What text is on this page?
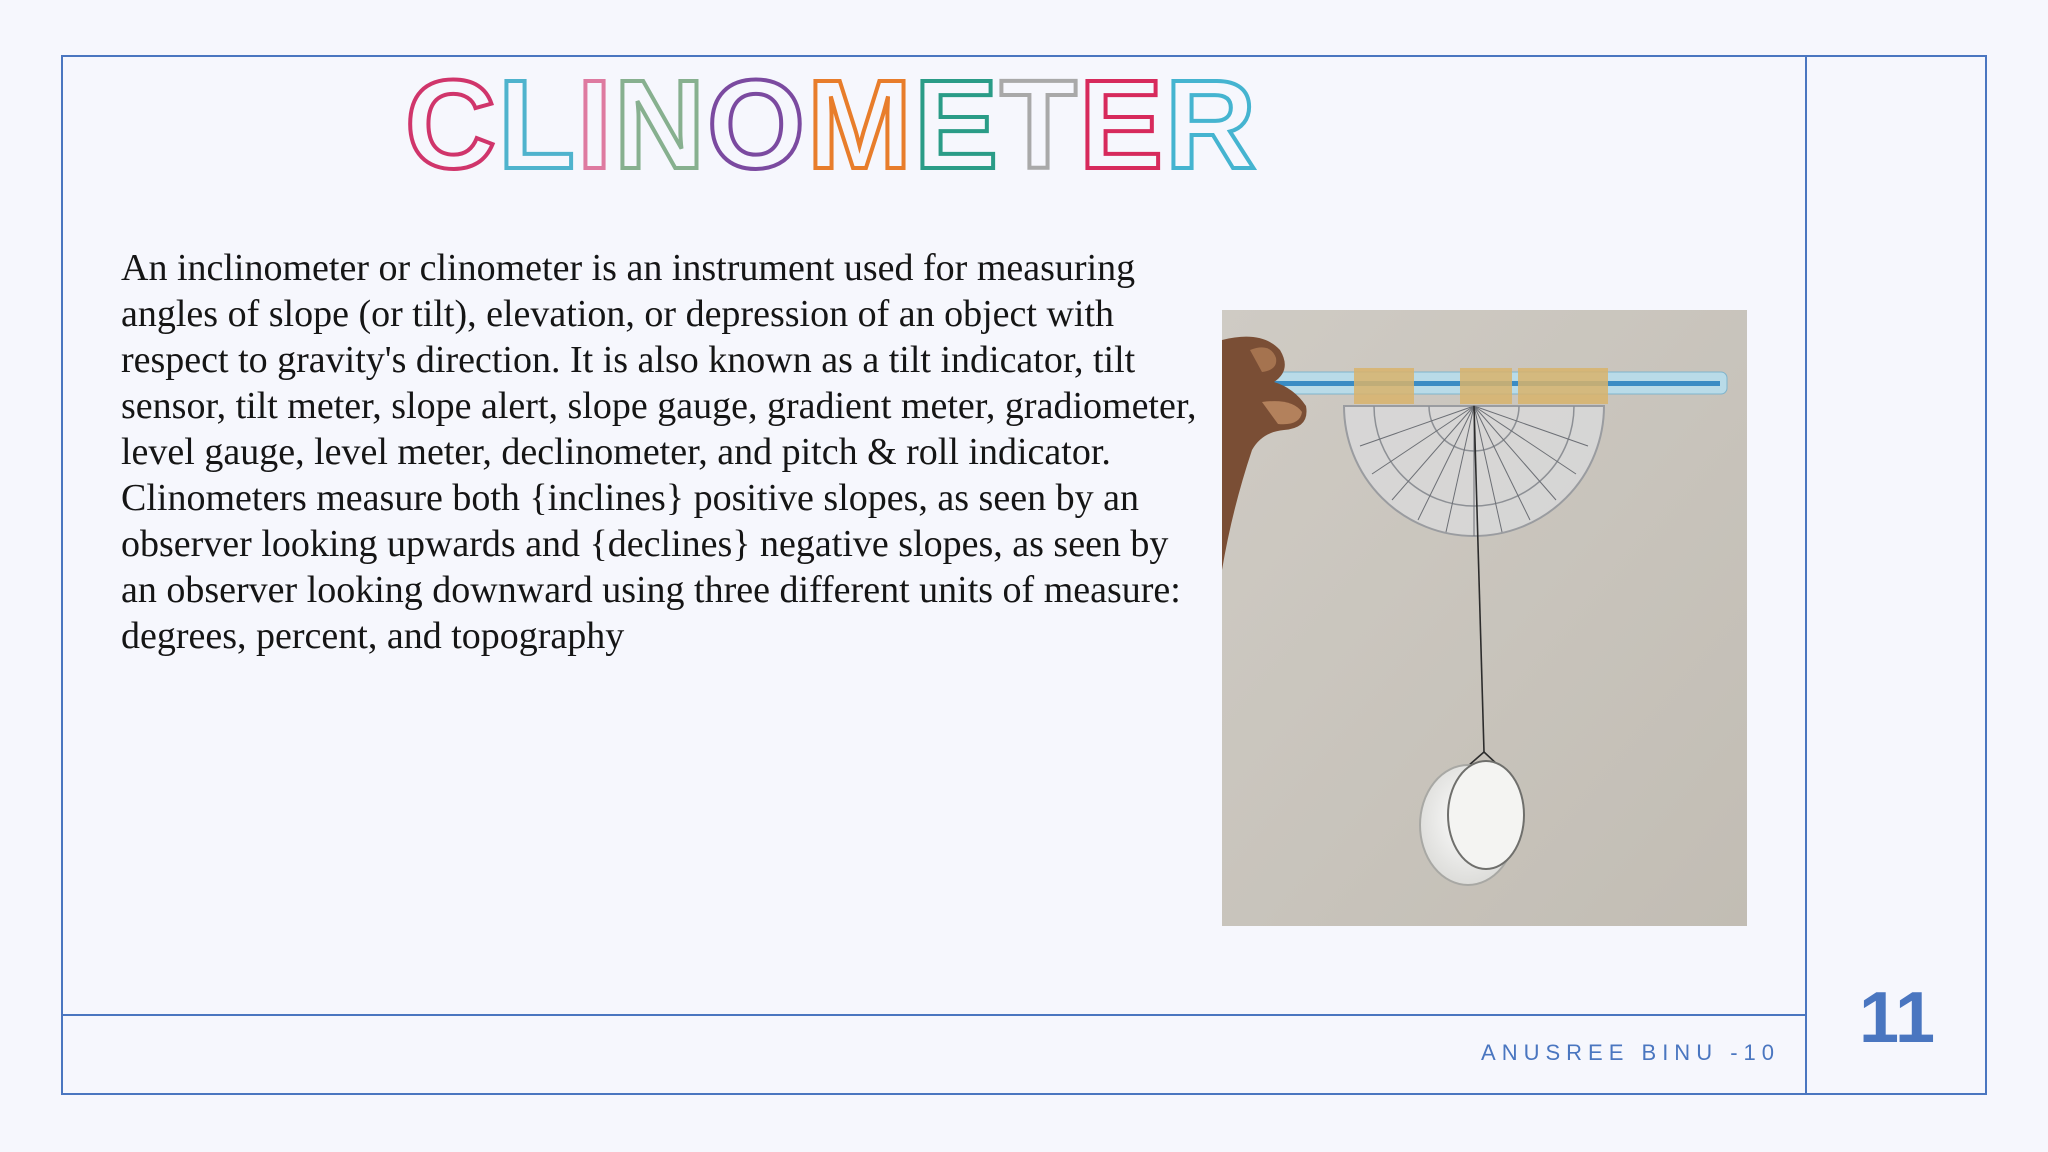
C L I N O M E T E R

An inclinometer or clinometer is an instrument used for measuring angles of slope (or tilt), elevation, or depression of an object with respect to gravity's direction. It is also known as a tilt indicator, tilt sensor, tilt meter, slope alert, slope gauge, gradient meter, gradiometer, level gauge, level meter, declinometer, and pitch & roll indicator. Clinometers measure both {inclines} positive slopes, as seen by an observer looking upwards and {declines} negative slopes, as seen by an observer looking downward using three different units of measure: degrees, percent, and topography

ANUSREE BINU -10	11
